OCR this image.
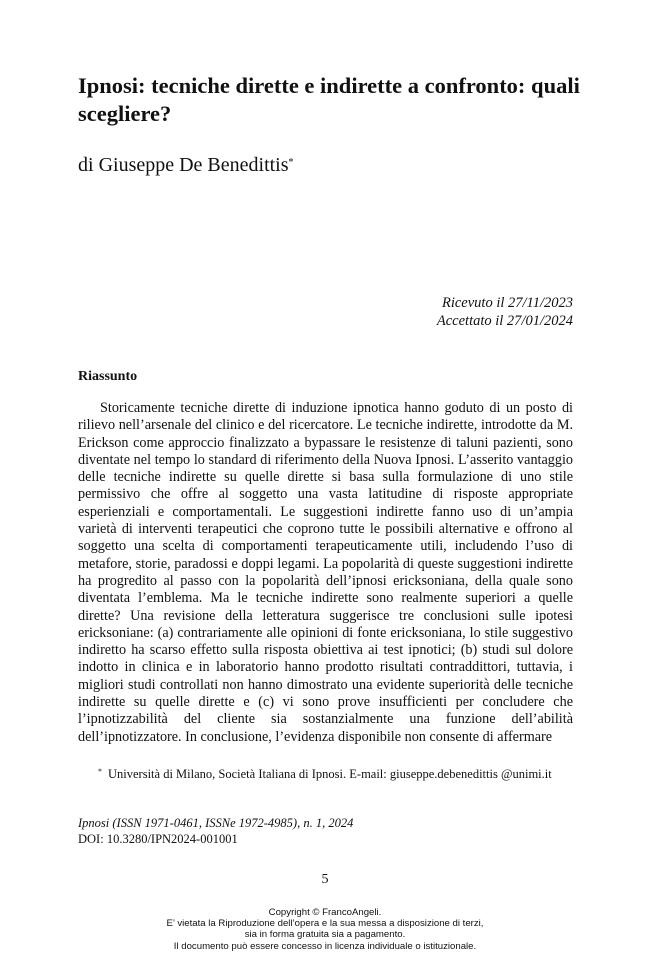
Ipnosi: tecniche dirette e indirette a confronto: quali scegliere?
di Giuseppe De Benedittis*
Ricevuto il 27/11/2023
Accettato il 27/01/2024
Riassunto

Storicamente tecniche dirette di induzione ipnotica hanno goduto di un posto di rilievo nell’arsenale del clinico e del ricercatore. Le tecniche indirette, introdotte da M. Erickson come approccio finalizzato a bypassare le resistenze di taluni pazienti, sono diventate nel tempo lo standard di riferimento della Nuova Ipnosi. L’asserito vantaggio delle tecniche indirette su quelle dirette si basa sulla formulazione di uno stile permissivo che offre al soggetto una vasta latitudine di risposte appropriate esperienziali e comportamentali. Le suggestioni indirette fanno uso di un’ampia varietà di interventi terapeutici che coprono tutte le possibili alternative e offrono al soggetto una scelta di comportamenti terapeuticamente utili, includendo l’uso di metafore, storie, paradossi e doppi legami. La popolarità di queste suggestioni indirette ha progredito al passo con la popolarità dell’ipnosi ericksoniana, della quale sono diventata l’emblema. Ma le tecniche indirette sono realmente superiori a quelle dirette? Una revisione della letteratura suggerisce tre conclusioni sulle ipotesi ericksoniane: (a) contrariamente alle opinioni di fonte ericksoniana, lo stile suggestivo indiretto ha scarso effetto sulla risposta obiettiva ai test ipnotici; (b) studi sul dolore indotto in clinica e in laboratorio hanno prodotto risultati contraddittori, tuttavia, i migliori studi controllati non hanno dimostrato una evidente superiorità delle tecniche indirette su quelle dirette e (c) vi sono prove insufficienti per concludere che l’ipnotizzabilità del cliente sia sostanzialmente una funzione dell’abilità dell’ipnotizzatore. In conclusione, l’evidenza disponibile non consente di affermare

* Università di Milano, Società Italiana di Ipnosi. E-mail: giuseppe.debenedittis @unimi.it

Ipnosi (ISSN 1971-0461, ISSNe 1972-4985), n. 1, 2024
DOI: 10.3280/IPN2024-001001
5
Copyright © FrancoAngeli.
E’ vietata la Riproduzione dell’opera e la sua messa a disposizione di terzi,
sia in forma gratuita sia a pagamento.
Il documento può essere concesso in licenza individuale o istituzionale.
